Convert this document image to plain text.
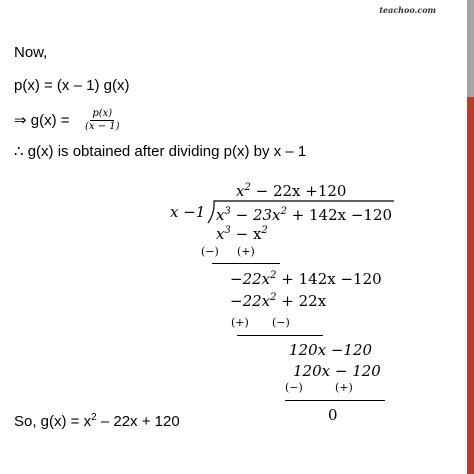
teachoo.com
Now,
p(x) = (x – 1) g(x)
⇒ $g(x) = \frac{p(x)}{(x - 1)}$
∴ g(x) is obtained after dividing p(x) by x – 1
$x^2 - 22x +120$
x −1 $x^3 - 23x^2 + 142x -120$
$x^3 - x^2$
(−) (+)
$-22x^2 + 142x -120$
$-22x^2 + 22x$
(+) (−)
120x −120
120x − 120
(−)	(+)
0
So, $g(x) = x^2 - 22x + 120$
